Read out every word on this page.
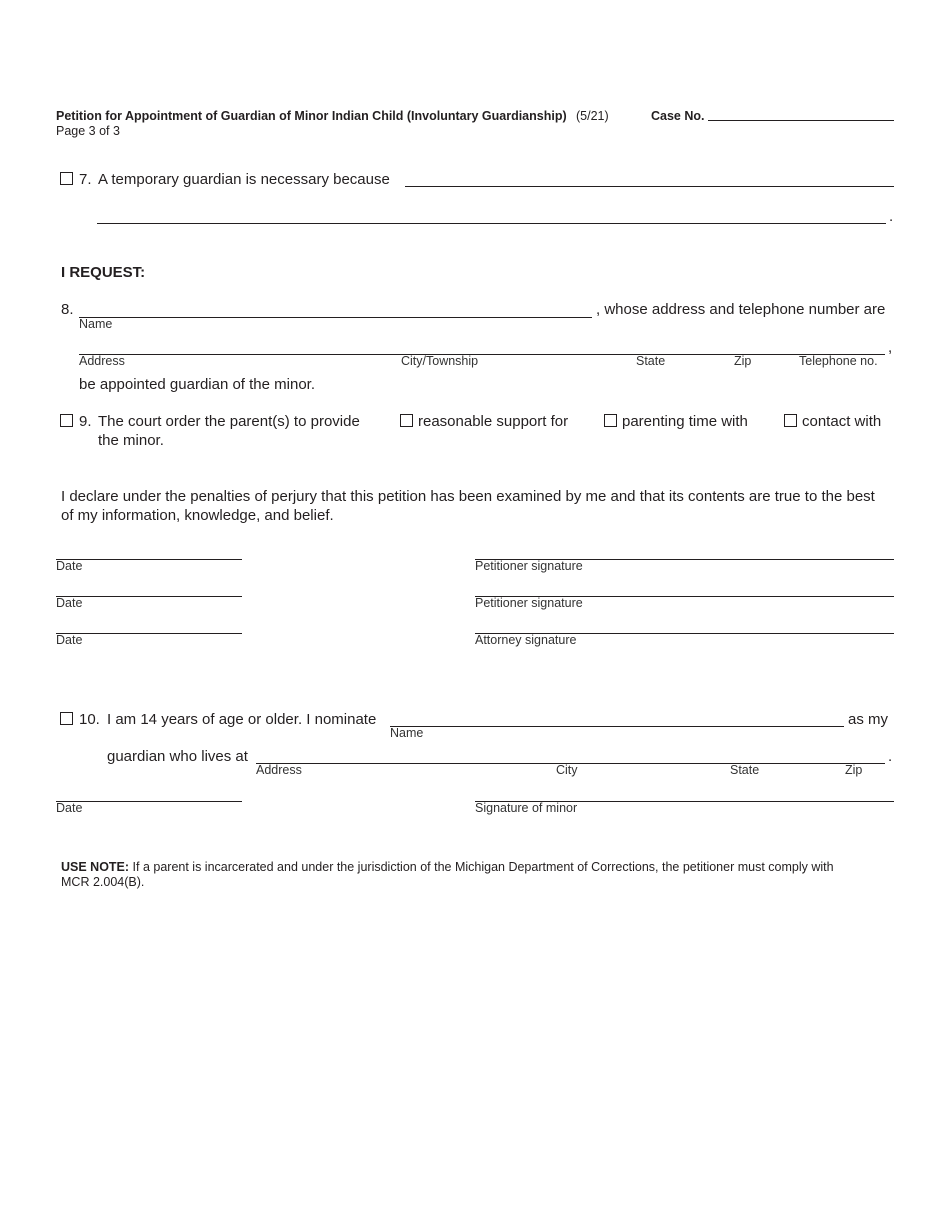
Petition for Appointment of Guardian of Minor Indian Child (Involuntary Guardianship) (5/21)	Case No.
Page 3 of 3
7. A temporary guardian is necessary because
.
I REQUEST:
8.	, whose address and telephone number are
Name
,
Address	City/Township	State	Zip	Telephone no.
be appointed guardian of the minor.
9. The court order the parent(s) to provide
the minor.
reasonable support for	parenting time with	contact with
I declare under the penalties of perjury that this petition has been examined by me and that its contents are true to the best
of my information, knowledge, and belief.
Date	Petitioner signature
Date	Petitioner signature
Date	Attorney signature
10. I am 14 years of age or older. I nominate	as my
Name
guardian who lives at	.
Address	City	State	Zip
Date	Signature of minor
USE NOTE: If a parent is incarcerated and under the jurisdiction of the Michigan Department of Corrections, the petitioner must comply with
MCR 2.004(B).
